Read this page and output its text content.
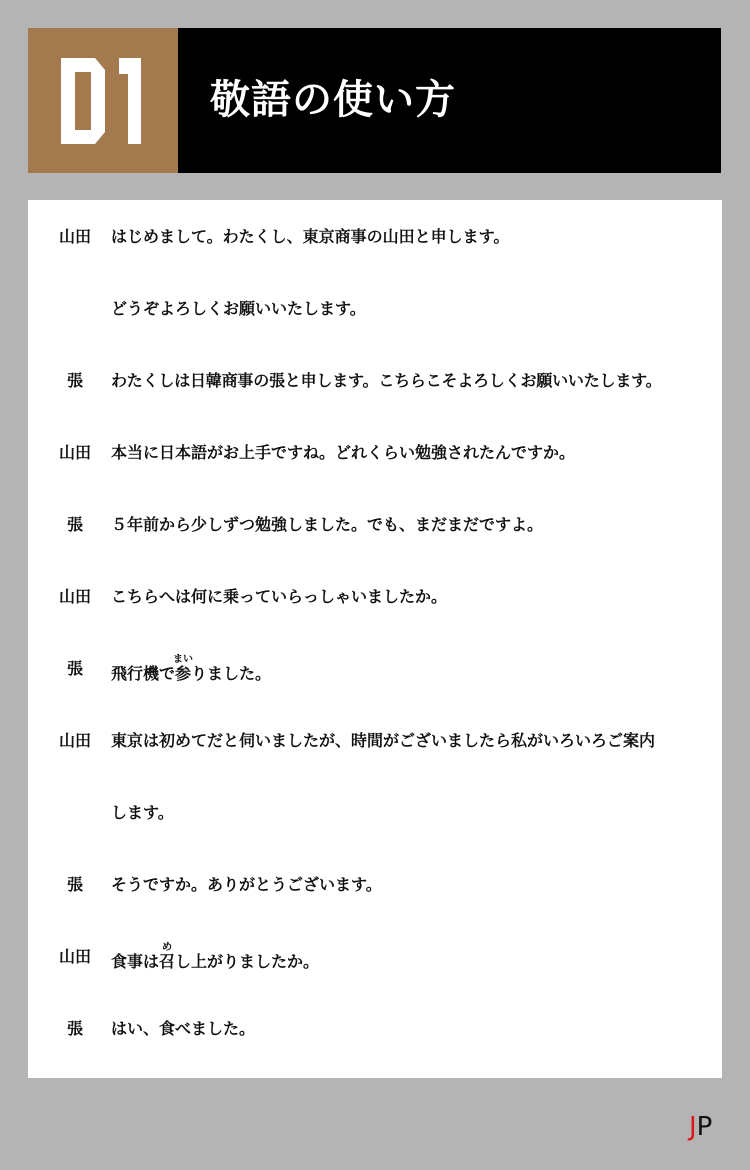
敬語の使い方
山田	はじめまして。わたくし、東京商事の山田と申します。
どうぞよろしくお願いいたします。
張	わたくしは日韓商事の張と申します。こちらこそよろしくお願いいたします。
山田	本当に日本語がお上手ですね。どれくらい勉強されたんですか。
張	５年前から少しずつ勉強しました。でも、まだまだですよ。
山田	こちらへは何に乗っていらっしゃいましたか。
張	飛行機で参まいりました。
山田	東京は初めてだと伺いましたが、時間がございましたら私がいろいろご案内
します。
張	そうですか。ありがとうございます。
山田	食事は召めし上がりましたか。
張	はい、食べました。
JP
